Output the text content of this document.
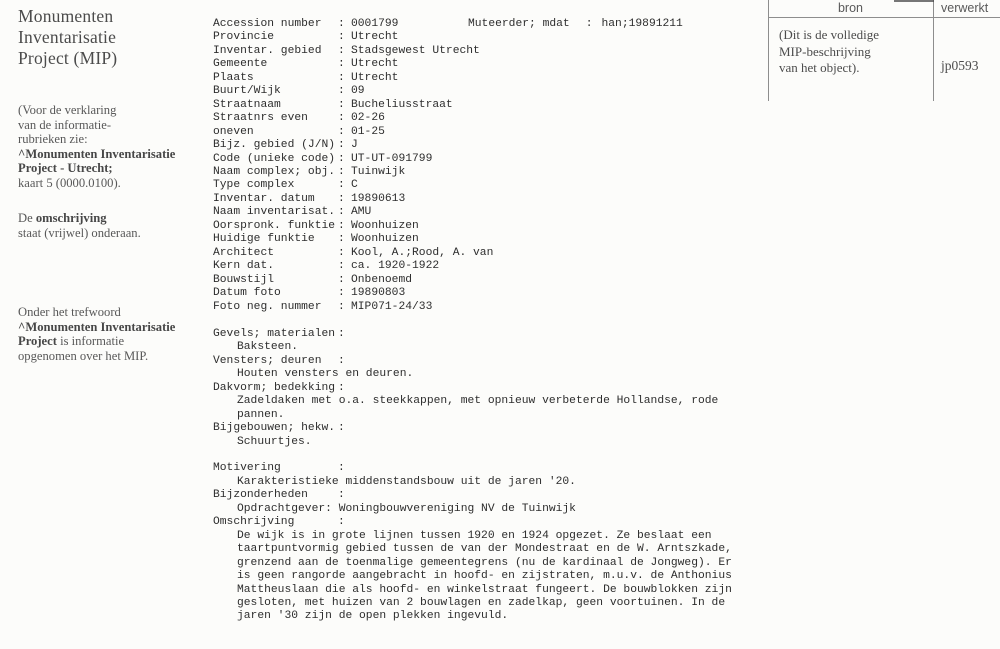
Monumenten
Inventarisatie
Project (MIP)
(Voor de verklaring
van de informatie-
rubrieken zie:
^Monumenten Inventarisatie
Project - Utrecht;
kaart 5 (0000.0100).
De omschrijving
staat (vrijwel) onderaan.
Onder het trefwoord
^Monumenten Inventarisatie
Project is informatie
opgenomen over het MIP.
Muteerder; mdat : han;19891211
Accession number	: 0001799
Provincie	: Utrecht
Inventar. gebied	: Stadsgewest Utrecht
Gemeente	: Utrecht
Plaats	: Utrecht
Buurt/Wijk	: 09
Straatnaam	: Bucheliusstraat
Straatnrs even	: 02-26
oneven	: 01-25
Bijz. gebied (J/N) : J
Code (unieke code) : UT-UT-091799
Naam complex; obj. : Tuinwijk
Type complex	: C
Inventar. datum	: 19890613
Naam inventarisat. : AMU
Oorspronk. funktie : Woonhuizen
Huidige funktie	: Woonhuizen
Architect	: Kool, A.;Rood, A. van
Kern dat.	: ca. 1920-1922
Bouwstijl	: Onbenoemd
Datum foto	: 19890803
Foto neg. nummer	: MIP071-24/33
Gevels; materialen :
Baksteen.
Vensters; deuren	:
Houten vensters en deuren.
Dakvorm; bedekking :
Zadeldaken met o.a. steekkappen, met opnieuw verbeterde Hollandse, rode
pannen.
Bijgebouwen; hekw. :
Schuurtjes.
Motivering	:
Karakteristieke middenstandsbouw uit de jaren '20.
Bijzonderheden	:
Opdrachtgever: Woningbouwvereniging NV de Tuinwijk
Omschrijving	:
De wijk is in grote lijnen tussen 1920 en 1924 opgezet. Ze beslaat een
taartpuntvormig gebied tussen de van der Mondestraat en de W. Arntszkade,
grenzend aan de toenmalige gemeentegrens (nu de kardinaal de Jongweg). Er
is geen rangorde aangebracht in hoofd- en zijstraten, m.u.v. de Anthonius
Mattheuslaan die als hoofd- en winkelstraat fungeert. De bouwblokken zijn
gesloten, met huizen van 2 bouwlagen en zadelkap, geen voortuinen. In de
jaren '30 zijn de open plekken ingevuld.
bron	verwerkt
(Dit is de volledige
MIP-beschrijving
van het object).	jp0593
